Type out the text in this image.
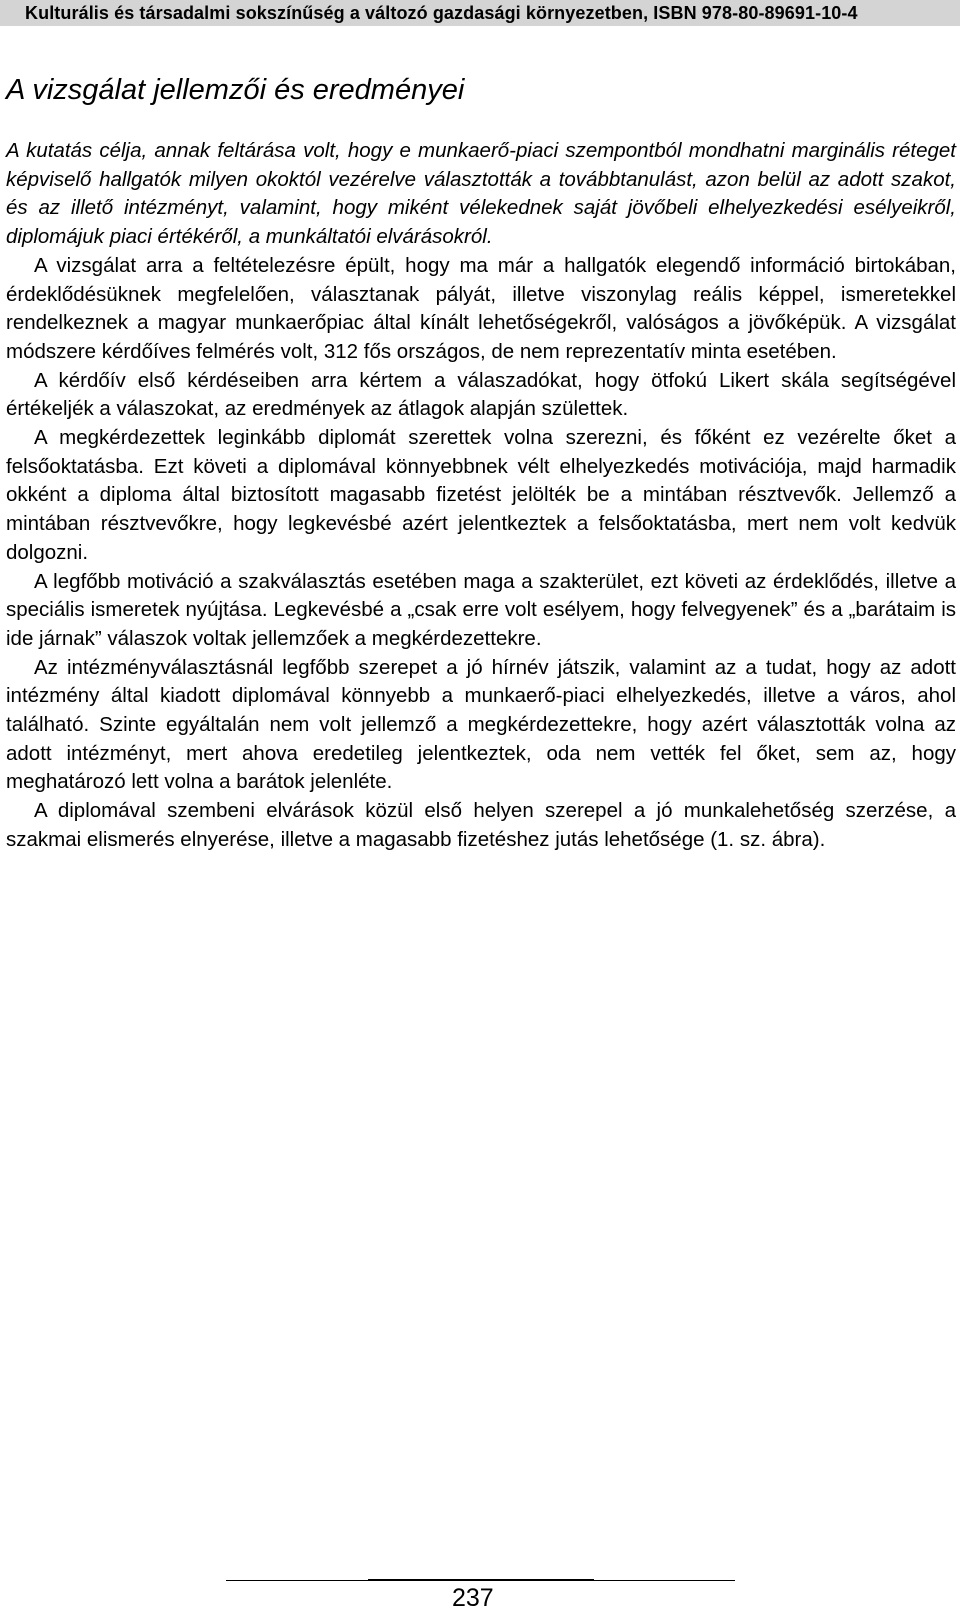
Kulturális és társadalmi sokszínűség a változó gazdasági környezetben, ISBN 978-80-89691-10-4
A vizsgálat jellemzői és eredményei

A kutatás célja, annak feltárása volt, hogy e munkaerő-piaci szempontból mondhatni marginális réteget képviselő hallgatók milyen okoktól vezérelve választották a továbbtanulást, azon belül az adott szakot, és az illető intézményt, valamint, hogy miként vélekednek saját jövőbeli elhelyezkedési esélyeikről, diplomájuk piaci értékéről, a munkáltatói elvárásokról.

A vizsgálat arra a feltételezésre épült, hogy ma már a hallgatók elegendő információ birtokában, érdeklődésüknek megfelelően, választanak pályát, illetve viszonylag reális képpel, ismeretekkel rendelkeznek a magyar munkaerőpiac által kínált lehetőségekről, valóságos a jövőképük. A vizsgálat módszere kérdőíves felmérés volt, 312 fős országos, de nem reprezentatív minta esetében.

A kérdőív első kérdéseiben arra kértem a válaszadókat, hogy ötfokú Likert skála segítségével értékeljék a válaszokat, az eredmények az átlagok alapján születtek.

A megkérdezettek leginkább diplomát szerettek volna szerezni, és főként ez vezérelte őket a felsőoktatásba. Ezt követi a diplomával könnyebbnek vélt elhelyezkedés motivációja, majd harmadik okként a diploma által biztosított magasabb fizetést jelölték be a mintában résztvevők. Jellemző a mintában résztvevőkre, hogy legkevésbé azért jelentkeztek a felsőoktatásba, mert nem volt kedvük dolgozni.

A legfőbb motiváció a szakválasztás esetében maga a szakterület, ezt követi az érdeklődés, illetve a speciális ismeretek nyújtása. Legkevésbé a „csak erre volt esélyem, hogy felvegyenek” és a „barátaim is ide járnak” válaszok voltak jellemzőek a megkérdezettekre.

Az intézményválasztásnál legfőbb szerepet a jó hírnév játszik, valamint az a tudat, hogy az adott intézmény által kiadott diplomával könnyebb a munkaerő-piaci elhelyezkedés, illetve a város, ahol található. Szinte egyáltalán nem volt jellemző a megkérdezettekre, hogy azért választották volna az adott intézményt, mert ahova eredetileg jelentkeztek, oda nem vették fel őket, sem az, hogy meghatározó lett volna a barátok jelenléte.

A diplomával szembeni elvárások közül első helyen szerepel a jó munkalehetőség szerzése, a szakmai elismerés elnyerése, illetve a magasabb fizetéshez jutás lehetősége (1. sz. ábra).

237
